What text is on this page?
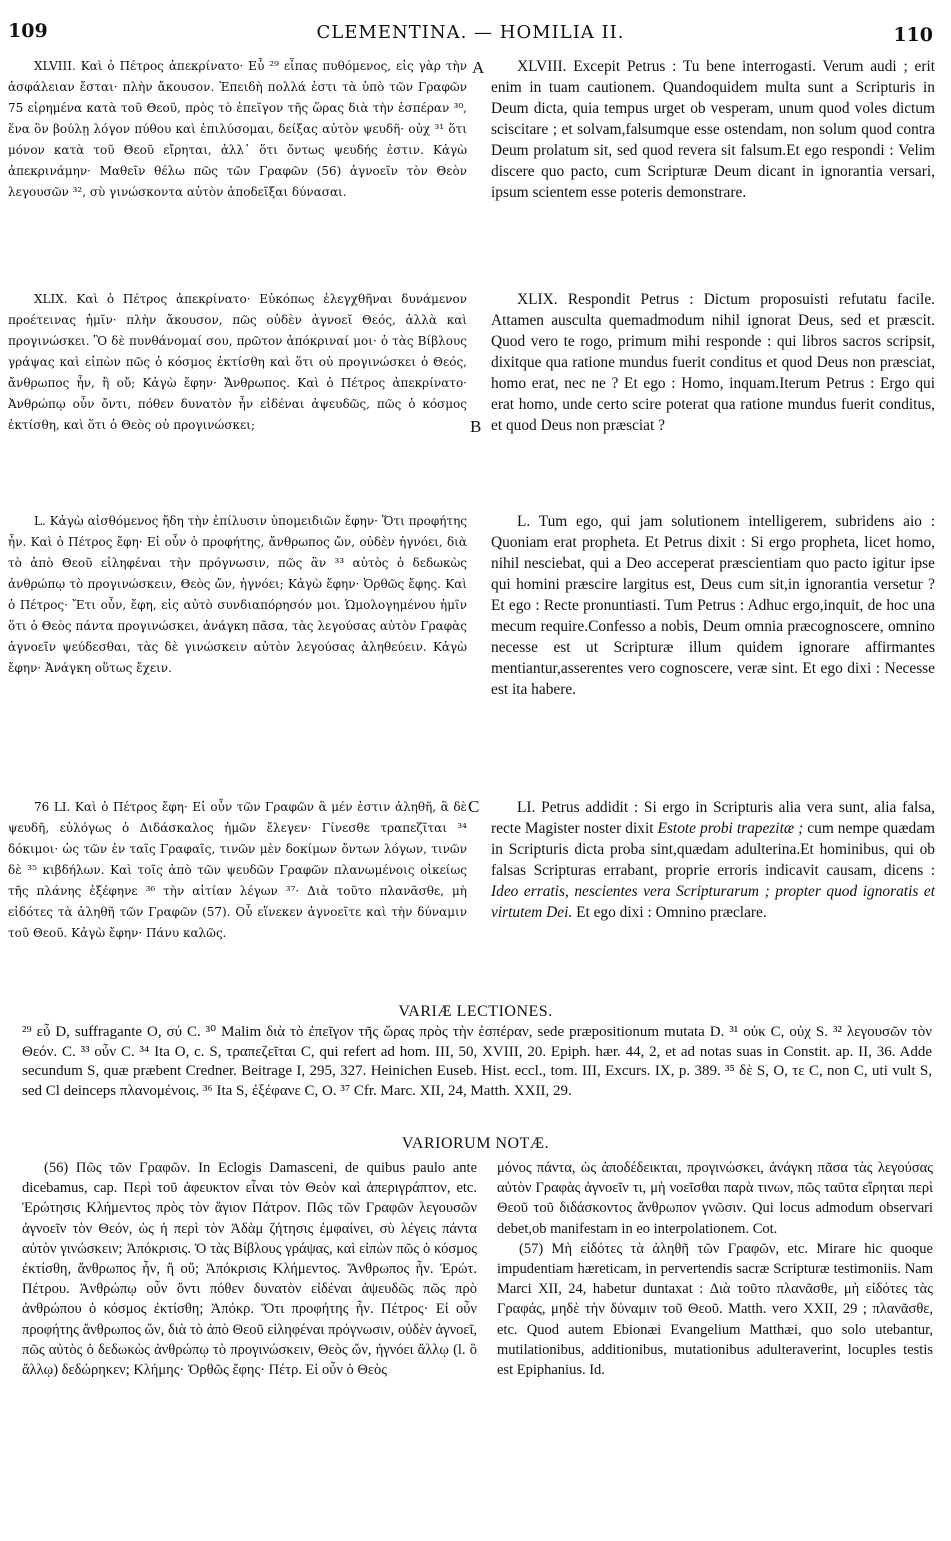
109	CLEMENTINA. — HOMILIA II.	110

XLVIII. Καὶ ὁ Πέτρος ἀπεκρίνατο· Εὖ ²⁹ εἶπας πυθόμενος, εἰς γὰρ τὴν ἀσφάλειαν ἔσται· πλὴν ἄκουσον. Ἐπειδὴ πολλά ἐστι τὰ ὑπὸ τῶν Γραφῶν 75 εἰρημένα κατὰ τοῦ Θεοῦ, πρὸς τὸ ἐπεῖγον τῆς ὥρας διὰ τὴν ἑσπέραν ³⁰, ἕνα ὃν βούλῃ λόγον πύθου καὶ ἐπιλύσομαι, δείξας αὐτὸν ψευδῆ· οὐχ ³¹ ὅτι μόνον κατὰ τοῦ Θεοῦ εἴρηται, ἀλλ᾽ ὅτι ὄντως ψευδής ἐστιν. Κἀγὼ ἀπεκρινάμην· Μαθεῖν θέλω πῶς τῶν Γραφῶν (56) ἀγνοεῖν τὸν Θεὸν λεγουσῶν ³², σὺ γινώσκοντα αὐτὸν ἀποδεῖξαι δύνασαι.

A	XLVIII. Excepit Petrus : Tu bene interrogasti. Verum audi ; erit enim in tuam cautionem. Quandoquidem multa sunt a Scripturis in Deum dicta, quia tempus urget ob vesperam, unum quod voles dictum sciscitare ; et solvam,falsumque esse ostendam, non solum quod contra Deum prolatum sit, sed quod revera sit falsum.Et ego respondi : Velim discere quo pacto, cum Scripturæ Deum dicant in ignorantia versari, ipsum scientem esse poteris demonstrare.

XLIX. Καὶ ὁ Πέτρος ἀπεκρίνατο· Εὐκόπως ἐλεγχθῆναι δυνάμενον προέτεινας ἡμῖν· πλὴν ἄκουσον, πῶς οὐδὲν ἀγνοεῖ Θεός, ἀλλὰ καὶ προγινώσκει. Ὃ δὲ πυνθάνομαί σου, πρῶτον ἀπόκριναί μοι· ὁ τὰς Βίβλους γράψας καὶ εἰπὼν πῶς ὁ κόσμος ἐκτίσθη καὶ ὅτι οὐ προγινώσκει ὁ Θεός, ἄνθρωπος ἦν, ἢ οὔ; Κἀγὼ ἔφην· Ἄνθρωπος. Καὶ ὁ Πέτρος ἀπεκρίνατο· Ἀνθρώπῳ οὖν ὄντι, πόθεν δυνατὸν ἦν εἰδέναι ἀψευδῶς, πῶς ὁ κόσμος ἐκτίσθη, καὶ ὅτι ὁ Θεὸς οὐ προγινώσκει;	B

XLIX. Respondit Petrus : Dictum proposuisti refutatu facile. Attamen ausculta quemadmodum nihil ignorat Deus, sed et præscit. Quod vero te rogo, primum mihi responde : qui libros sacros scripsit, dixitque qua ratione mundus fuerit conditus et quod Deus non præsciat, homo erat, nec ne ? Et ego : Homo, inquam.Iterum Petrus : Ergo qui erat homo, unde certo scire poterat qua ratione mundus fuerit conditus, et quod Deus non præsciat ?

L. Κἀγὼ αἰσθόμενος ἤδη τὴν ἐπίλυσιν ὑπομειδιῶν ἔφην· Ὅτι προφήτης ἦν. Καὶ ὁ Πέτρος ἔφη· Εἰ οὖν ὁ προφήτης, ἄνθρωπος ὤν, οὐδὲν ἠγνόει, διὰ τὸ ἀπὸ Θεοῦ εἰληφέναι τὴν πρόγνωσιν, πῶς ἂν ³³ αὐτὸς ὁ δεδωκὼς ἀνθρώπῳ τὸ προγινώσκειν, Θεὸς ὤν, ἠγνόει; Κἀγὼ ἔφην· Ὀρθῶς ἔφης. Καὶ ὁ Πέτρος· Ἔτι οὖν, ἔφη, εἰς αὐτὸ συνδιαπόρησόν μοι. Ὡμολογημένου ἡμῖν ὅτι ὁ Θεὸς πάντα προγινώσκει, ἀνάγκη πᾶσα, τὰς λεγούσας αὐτὸν Γραφὰς ἀγνοεῖν ψεύδεσθαι, τὰς δὲ γινώσκειν αὐτὸν λεγούσας ἀληθεύειν. Κἀγὼ ἔφην· Ἀνάγκη οὕτως ἔχειν.

L. Tum ego, qui jam solutionem intelligerem, subridens aio : Quoniam erat propheta. Et Petrus dixit : Si ergo propheta, licet homo, nihil nesciebat, qui a Deo acceperat præscientiam quo pacto igitur ipse qui homini præscire largitus est, Deus cum sit,in ignorantia versetur ? Et ego : Recte pronuntiasti. Tum Petrus : Adhuc ergo,inquit, de hoc una mecum require.Confesso a nobis, Deum omnia præcognoscere, omnino necesse est ut Scripturæ illum quidem ignorare affirmantes mentiantur,asserentes vero cognoscere, veræ sint. Et ego dixi : Necesse est ita habere.

76 LI. Καὶ ὁ Πέτρος ἔφη· Εἰ οὖν τῶν Γραφῶν ἃ μέν ἐστιν ἀληθῆ, ἃ δὲ ψευδῆ, εὐλόγως ὁ Διδάσκαλος ἡμῶν ἔλεγεν· Γίνεσθε τραπεζῖται ³⁴ δόκιμοι· ὡς τῶν ἐν ταῖς Γραφαῖς, τινῶν μὲν δοκίμων ὄντων λόγων, τινῶν δὲ ³⁵ κιβδήλων. Καὶ τοῖς ἀπὸ τῶν ψευδῶν Γραφῶν πλανωμένοις οἰκείως τῆς πλάνης ἐξέφηνε ³⁶ τὴν αἰτίαν λέγων ³⁷· Διὰ τοῦτο πλανᾶσθε, μὴ εἰδότες τὰ ἀληθῆ τῶν Γραφῶν (57). Οὗ εἵνεκεν ἀγνοεῖτε καὶ τὴν δύναμιν τοῦ Θεοῦ. Κἀγὼ ἔφην· Πάνυ καλῶς.

C	LI. Petrus addidit : Si ergo in Scripturis alia vera sunt, alia falsa, recte Magister noster dixit Estote probi trapezitæ ; cum nempe quædam in Scripturis dicta proba sint,quædam adulterina.Et hominibus, qui ob falsas Scripturas errabant, proprie erroris indicavit causam, dicens : Ideo erratis, nescientes vera Scripturarum ; propter quod ignoratis et virtutem Dei. Et ego dixi : Omnino præclare.

VARIÆ LECTIONES.
²⁹ εὖ D, suffragante O, σύ C. ³⁰ Malim διὰ τὸ ἐπεῖγον τῆς ὥρας πρὸς τὴν ἑσπέραν, sede præpositionum mutata D. ³¹ οὐκ C, οὐχ S. ³² λεγουσῶν τὸν Θεόν. C. ³³ οὖν C. ³⁴ Ita O, c. S, τραπεζεῖται C, qui refert ad hom. III, 50, XVIII, 20. Epiph. hær. 44, 2, et ad notas suas in Constit. ap. II, 36. Adde secundum S, quæ præbent Credner. Beitrage I, 295, 327. Heinichen Euseb. Hist. eccl., tom. III, Excurs. IX, p. 389. ³⁵ δὲ S, O, τε C, non C, uti vult S, sed Cl deinceps πλανομένοις. ³⁶ Ita S, ἐξέφανε C, O. ³⁷ Cfr. Marc. XII, 24, Matth. XXII, 29.
VARIORUM NOTÆ.

(56) Πῶς τῶν Γραφῶν. In Eclogis Damasceni, de quibus paulo ante dicebamus, cap. Περὶ τοῦ ἀφευκτον εἶναι τὸν Θεὸν καὶ ἀπεριγράπτον, etc. Ἐρώτησις Κλήμεντος πρὸς τὸν ἅγιον Πάτρον. Πῶς τῶν Γραφῶν λεγουσῶν ἀγνοεῖν τὸν Θεόν, ὡς ἡ περὶ τὸν Ἀδὰμ ζήτησις ἐμφαίνει, σὺ λέγεις πάντα αὐτὸν γινώσκειν; Ἀπόκρισις. Ὁ τὰς Βίβλους γράψας, καὶ εἰπὼν πῶς ὁ κόσμος ἐκτίσθη, ἄνθρωπος ἦν, ἢ οὔ; Ἀπόκρισις Κλήμεντος. Ἄνθρωπος ἦν. Ἐρώτ. Πέτρου. Ἀνθρώπῳ οὖν ὄντι πόθεν δυνατὸν εἰδέναι ἀψευδῶς πῶς πρὸ ἀνθρώπου ὁ κόσμος ἐκτίσθη; Ἀπόκρ. Ὅτι προφήτης ἦν. Πέτρος· Εἰ οὖν προφήτης ἄνθρωπος ὤν, διὰ τὸ ἀπὸ Θεοῦ εἰληφέναι πρόγνωσιν, οὐδὲν ἀγνοεῖ, πῶς αὐτὸς ὁ δεδωκὼς ἀνθρώπῳ τὸ προγινώσκειν, Θεὸς ὤν, ἠγνόει ἄλλῳ (l. ὃ ἄλλῳ) δεδώρηκεν; Κλήμης· Ὀρθῶς ἔφης· Πέτρ. Εἰ οὖν ὁ Θεὸς

μόνος πάντα, ὡς ἀποδέδεικται, προγινώσκει, ἀνάγκη πᾶσα τὰς λεγούσας αὐτὸν Γραφὰς ἀγνοεῖν τι, μὴ νοεῖσθαι παρὰ τινων, πῶς ταῦτα εἴρηται περὶ Θεοῦ τοῦ διδάσκοντος ἄνθρωπον γνῶσιν. Qui locus admodum observari debet,ob manifestam in eo interpolationem. Cot.

(57) Μὴ εἰδότες τὰ ἀληθῆ τῶν Γραφῶν, etc. Mirare hic quoque impudentiam hæreticam, in pervertendis sacræ Scripturæ testimoniis. Nam Marci XII, 24, habetur duntaxat : Διὰ τοῦτο πλανᾶσθε, μὴ εἰδότες τὰς Γραφάς, μηδὲ τὴν δύναμιν τοῦ Θεοῦ. Matth. vero XXII, 29 ; πλανᾶσθε, etc. Quod autem Ebionæi Evangelium Matthæi, quo solo utebantur, mutilationibus, additionibus, mutationibus adulteraverint, locuples testis est Epiphanius. Id.
